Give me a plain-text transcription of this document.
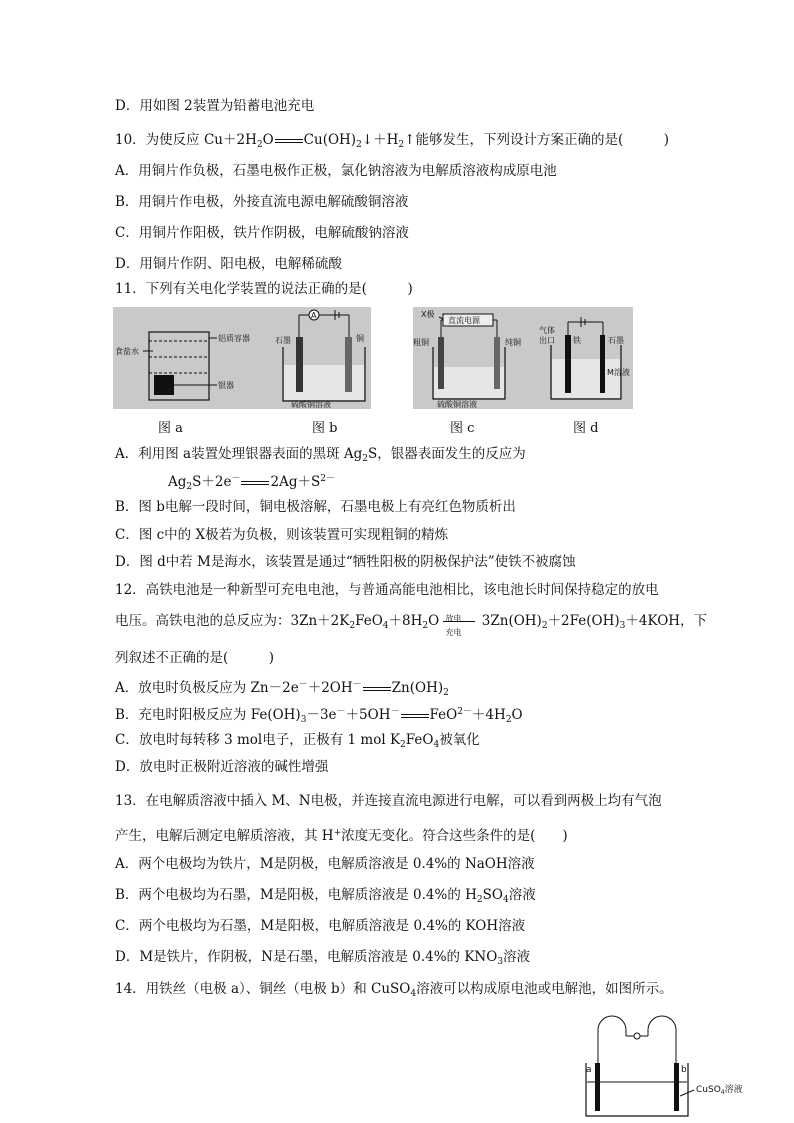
D．用如图 2装置为铅蓄电池充电
10．为使反应 $Cu+2H_2O$ $Cu(OH)_2↓+H_2↑$能够发生，下列设计方案正确的是(　　　)
A．用铜片作负极，石墨电极作正极，氯化钠溶液为电解质溶液构成原电池
B．用铜片作电极，外接直流电源电解硫酸铜溶液
C．用铜片作阳极，铁片作阴极，电解硫酸钠溶液
D．用铜片作阴、阳电极，电解稀硫酸
11．下列有关电化学装置的说法正确的是(　　　)
食盐水
铝质容器
银器
A
石墨	铜
硫酸铜溶液
直流电源
X极
粗铜	纯铜
硫酸铜溶液
气体
出口 铁	石墨
M溶液
图 a	图 b	图 c	图 d
A．利用图 a装置处理银器表面的黑斑 $Ag_2S$，银器表面发生的反应为
$Ag_2S+2e^-$ $2Ag+S^{2-}$
B．图 b电解一段时间，铜电极溶解，石墨电极上有亮红色物质析出
C．图 c中的 X极若为负极，则该装置可实现粗铜的精炼
D．图 d中若 M是海水，该装置是通过“牺牲阳极的阴极保护法”使铁不被腐蚀
12．高铁电池是一种新型可充电电池，与普通高能电池相比，该电池长时间保持稳定的放电
电压。高铁电池的总反应为：$3Zn+2K_2FeO_4+8H_2O$ 放电
充电
$3Zn(OH)_2+2Fe(OH)_3+4KOH$，下
列叙述不正确的是(　　　)
A．放电时负极反应为 Zn－2e－＋2OH－ $Zn(OH)_2$
B．充电时阳极反应为 $Fe(OH)_3-3e^-+5OH^-$ $FeO^{2-}+4H_2O$
C．放电时每转移 3 mol电子，正极有 1 mol $K_2FeO_4$被氧化
D．放电时正极附近溶液的碱性增强
13．在电解质溶液中插入 M、N电极，并连接直流电源进行电解，可以看到两极上均有气泡
产生，电解后测定电解质溶液，其 H+浓度无变化。符合这些条件的是(　　)
A．两个电极均为铁片，M是阴极，电解质溶液是 0.4%的 NaOH溶液
B．两个电极均为石墨，M是阳极，电解质溶液是 0.4%的 $H_2SO_4$溶液
C．两个电极均为石墨，M是阳极，电解质溶液是 0.4%的 KOH溶液
D．M是铁片，作阴极，N是石墨，电解质溶液是 0.4%的 $KNO_3$溶液
14．用铁丝（电极 a）、铜丝（电极 b）和 CuSO$_4$溶液可以构成原电池或电解池，如图所示。
a	b
CuSO$_4$溶液
